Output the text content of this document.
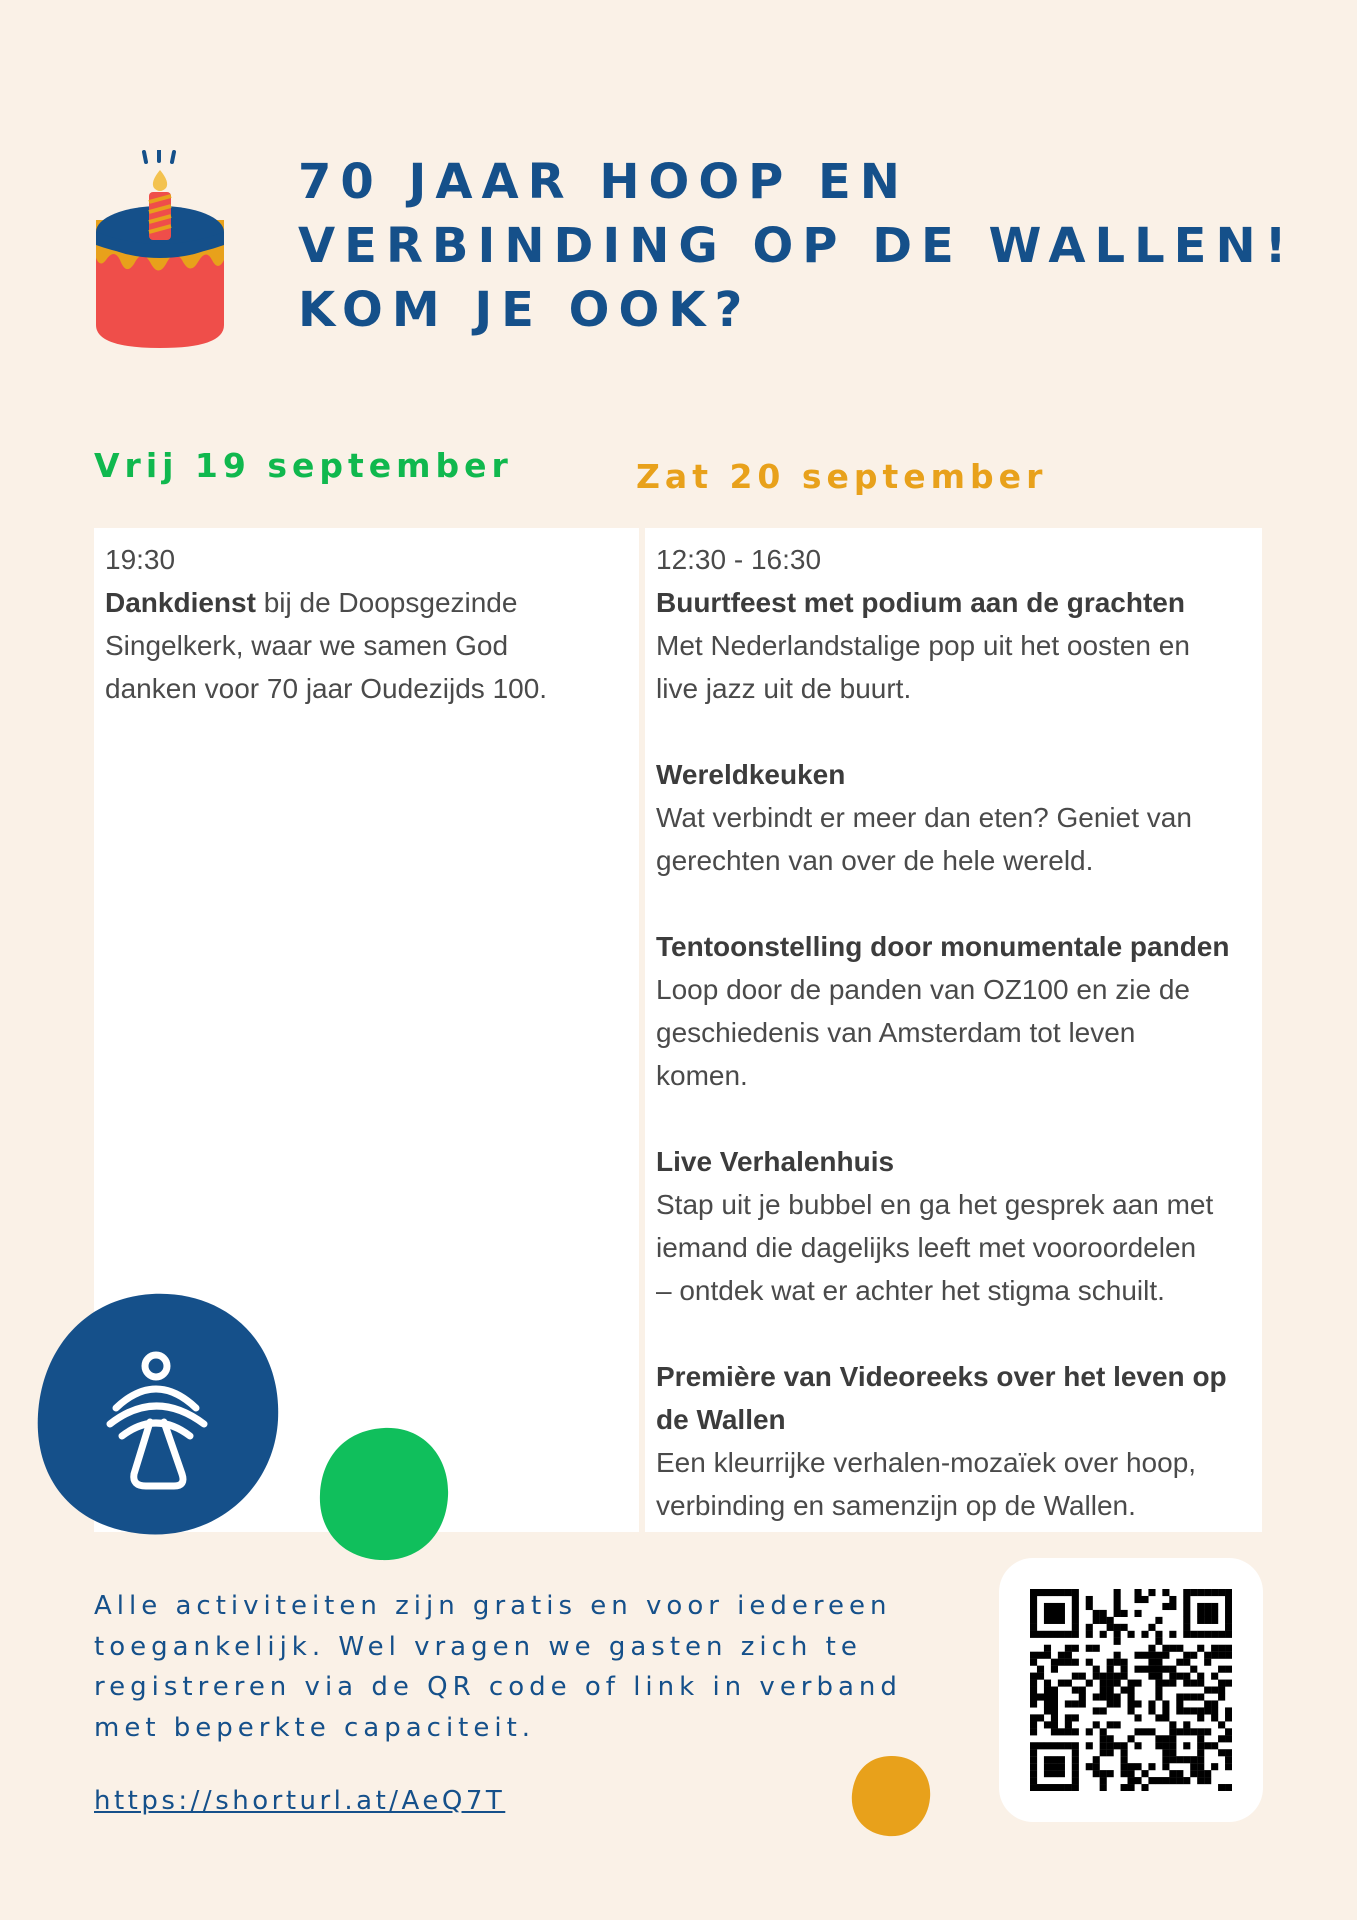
70 JAAR HOOP EN
VERBINDING OP DE WALLEN!
KOM JE OOK?
Vrij 19 september	Zat 20 september

19:30

Dankdienst bij de Doopsgezinde

Singelkerk, waar we samen God

danken voor 70 jaar Oudezijds 100.

12:30 - 16:30

Buurtfeest met podium aan de grachten

Met Nederlandstalige pop uit het oosten en

live jazz uit de buurt.

Wereldkeuken

Wat verbindt er meer dan eten? Geniet van

gerechten van over de hele wereld.

Tentoonstelling door monumentale panden

Loop door de panden van OZ100 en zie de

geschiedenis van Amsterdam tot leven

komen.

Live Verhalenhuis

Stap uit je bubbel en ga het gesprek aan met

iemand die dagelijks leeft met vooroordelen

– ontdek wat er achter het stigma schuilt.

Première van Videoreeks over het leven op

de Wallen

Een kleurrijke verhalen-mozaïek over hoop,

verbinding en samenzijn op de Wallen.

Alle activiteiten zijn gratis en voor iedereen
toegankelijk. Wel vragen we gasten zich te
registreren via de QR code of link in verband
met beperkte capaciteit.
https://shorturl.at/AeQ7T
